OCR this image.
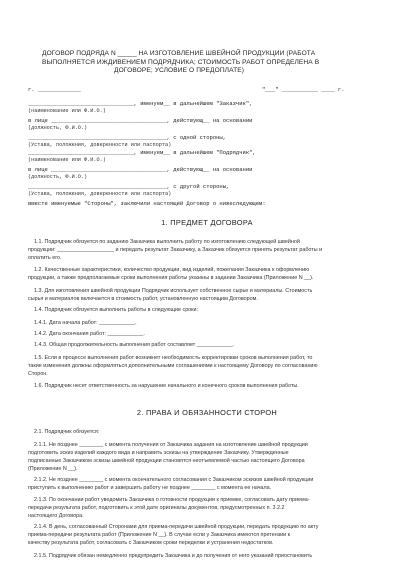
ДОГОВОР ПОДРЯДА N _____ НА ИЗГОТОВЛЕНИЕ ШВЕЙНОЙ ПРОДУКЦИИ (РАБОТА
ВЫПОЛНЯЕТСЯ ИЖДИВЕНИЕМ ПОДРЯДЧИКА; СТОИМОСТЬ РАБОТ ОПРЕДЕЛЕНА В
ДОГОВОРЕ; УСЛОВИЕ О ПРЕДОПЛАТЕ)
г. _____________	"___" ___________ ____ г.
________________________________, именуем__ в дальнейшем "Заказчик",
(наименование или Ф.И.О.)
в лице ___________________________________, действующ__ на основании
(должность, Ф.И.О.)
__________________________________________, с одной стороны,
(Устава, положения, доверенности или паспорта)
________________________________, именуем__ в дальнейшем "Подрядчик",
(наименование или Ф.И.О.)
в лице ___________________________________, действующ__ на основании
(должность, Ф.И.О.)
__________________________________________, с другой стороны,
(Устава, положения, доверенности или паспорта)
вместе именуемые "Стороны", заключили настоящий Договор о нижеследующем:
1. ПРЕДМЕТ ДОГОВОРА
1.1. Подрядчик обязуется по заданию Заказчика выполнить работу по изготовлению следующей швейной
продукции: ___________________ и передать результат Заказчику, а Заказчик обязуется принять результат работы и
оплатить его.
1.2. Качественные характеристики, количество продукции, вид изделий, пожелания Заказчика к оформлению
продукции, а также предполагаемые сроки выполнения работы указаны в задании Заказчика (Приложение N __).
1.3. Для изготовления швейной продукции Подрядчик использует собственное сырье и материалы. Стоимость
сырья и материалов включается в стоимость работ, установленную настоящим Договором.
1.4. Подрядчик обязуется выполнить работы в следующие сроки:
1.4.1. Дата начала работ: ____________.
1.4.2. Дата окончания работ: ____________.
1.4.3. Общая продолжительность выполнения работ составляет ____________.
1.5. Если в процессе выполнения работ возникнет необходимость корректировки сроков выполнения работ, то
такие изменения должны оформляться дополнительными соглашениями к настоящему Договору по согласованию
Сторон.
1.6. Подрядчик несет ответственность за нарушение начального и конечного сроков выполнения работы.
2. ПРАВА И ОБЯЗАННОСТИ СТОРОН
2.1. Подрядчик обязуется:
2.1.1. Не позднее ________ с момента получения от Заказчика задания на изготовление швейной продукции
подготовить эскиз изделий каждого вида и направить эскизы на утверждение Заказчику. Утвержденные
подписанные Заказчиком эскизы швейной продукции становятся неотъемлемой частью настоящего Договора
(Приложение N __).
2.1.2. Не позднее ________ с момента окончательного согласования с Заказчиком эскизов швейной продукции
приступить к выполнению работ и завершить работу не позднее ________ с момента ее начала.
2.1.3. По окончании работ уведомить Заказчика о готовности продукции к приемке, согласовать дату приема-
передачи результата работ, подготовить к этой дате оригиналы документов, предусмотренных п. 3.2.2
настоящего Договора.
2.1.4. В день, согласованный Сторонами для приема-передачи швейной продукции, передать продукцию по акту
приема-передачи результата работ (Приложение N __). В случае если у Заказчика имеются претензии к
качеству результата работ, согласовать с Заказчиком сроки переделки и устранения недостатков.
2.1.5. Подрядчик обязан немедленно предупредить Заказчика и до получения от него указаний приостановить
